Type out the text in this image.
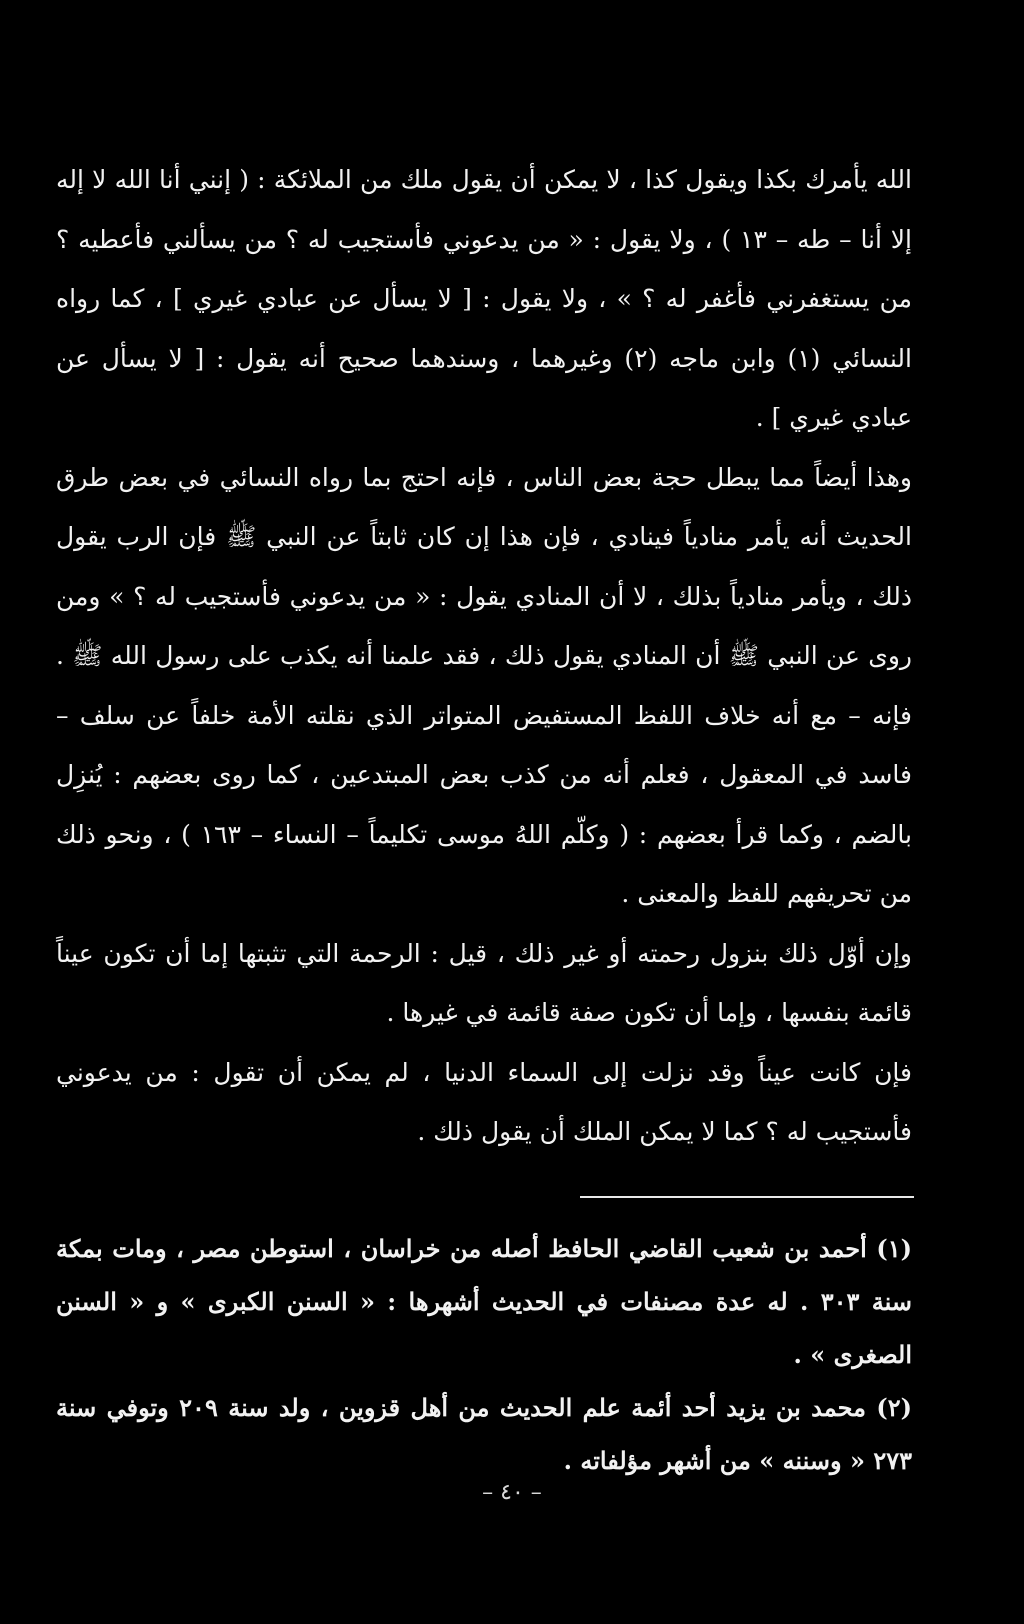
الله يأمرك بكذا ويقول كذا ، لا يمكن أن يقول ملك من الملائكة : ( إنني أنا الله لا إله إلا أنا – طه – ١٣ ) ، ولا يقول : « من يدعوني فأستجيب له ؟ من يسألني فأعطيه ؟ من يستغفرني فأغفر له ؟ » ، ولا يقول : [ لا يسأل عن عبادي غيري ] ، كما رواه النسائي (١) وابن ماجه (٢) وغيرهما ، وسندهما صحيح أنه يقول : [ لا يسأل عن عبادي غيري ] .

وهذا أيضاً مما يبطل حجة بعض الناس ، فإنه احتج بما رواه النسائي في بعض طرق الحديث أنه يأمر منادياً فينادي ، فإن هذا إن كان ثابتاً عن النبي ﷺ فإن الرب يقول ذلك ، ويأمر منادياً بذلك ، لا أن المنادي يقول : « من يدعوني فأستجيب له ؟ » ومن روى عن النبي ﷺ أن المنادي يقول ذلك ، فقد علمنا أنه يكذب على رسول الله ﷺ . فإنه – مع أنه خلاف اللفظ المستفيض المتواتر الذي نقلته الأمة خلفاً عن سلف – فاسد في المعقول ، فعلم أنه من كذب بعض المبتدعين ، كما روى بعضهم : يُنزِل بالضم ، وكما قرأ بعضهم : ( وكلّم اللهُ موسى تكليماً – النساء – ١٦٣ ) ، ونحو ذلك من تحريفهم للفظ والمعنى .

وإن أوّل ذلك بنزول رحمته أو غير ذلك ، قيل : الرحمة التي تثبتها إما أن تكون عيناً قائمة بنفسها ، وإما أن تكون صفة قائمة في غيرها .

فإن كانت عيناً وقد نزلت إلى السماء الدنيا ، لم يمكن أن تقول : من يدعوني فأستجيب له ؟ كما لا يمكن الملك أن يقول ذلك .

(١) أحمد بن شعيب القاضي الحافظ أصله من خراسان ، استوطن مصر ، ومات بمكة سنة ٣٠٣ . له عدة مصنفات في الحديث أشهرها : « السنن الكبرى » و « السنن الصغرى » .

(٢) محمد بن يزيد أحد أئمة علم الحديث من أهل قزوين ، ولد سنة ٢٠٩ وتوفي سنة ٢٧٣ « وسننه » من أشهر مؤلفاته .

– ٤٠ –
